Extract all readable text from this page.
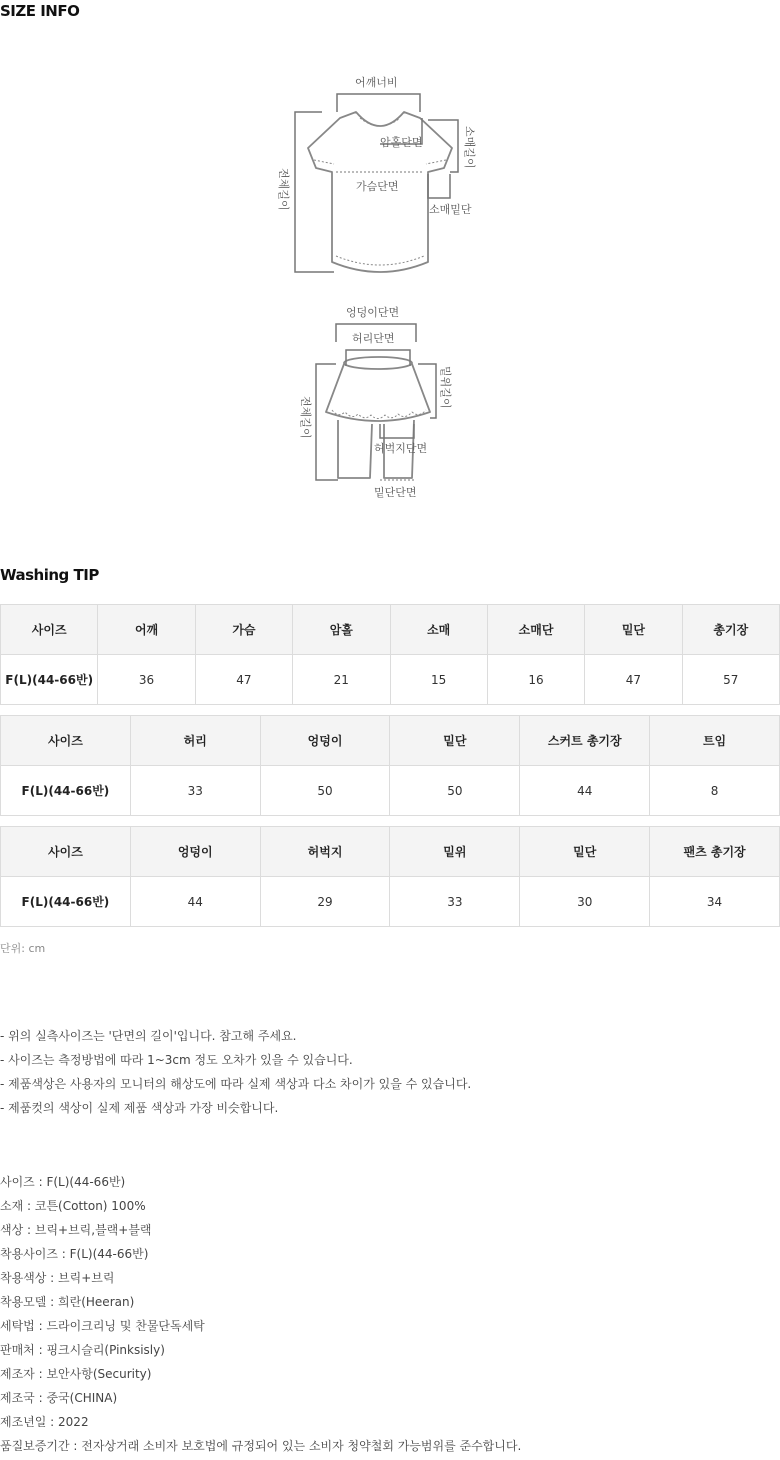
SIZE INFO
어깨너비
암홀단면
가슴단면
소매밑단
전체길이
소매길이
엉덩이단면
허리단면
허벅지단면
밑단단면
전체길이
밑위길이
Washing TIP
사이즈	어깨	가슴	암홀	소매	소매단	밑단	총기장
F(L)(44-66반)	36	47	21	15	16	47	57
사이즈	허리	엉덩이	밑단	스커트 총기장	트임
F(L)(44-66반)	33	50	50	44	8
사이즈	엉덩이	허벅지	밑위	밑단	팬츠 총기장
F(L)(44-66반)	44	29	33	30	34
단위: cm
- 위의 실측사이즈는 '단면의 길이'입니다. 참고해 주세요.
- 사이즈는 측정방법에 따라 1~3cm 정도 오차가 있을 수 있습니다.
- 제품색상은 사용자의 모니터의 해상도에 따라 실제 색상과 다소 차이가 있을 수 있습니다.
- 제품컷의 색상이 실제 제품 색상과 가장 비슷합니다.
사이즈 : F(L)(44-66반)
소재 : 코튼(Cotton) 100%
색상 : 브릭+브릭,블랙+블랙
착용사이즈 : F(L)(44-66반)
착용색상 : 브릭+브릭
착용모델 : 희란(Heeran)
세탁법 : 드라이크리닝 및 찬물단독세탁
판매처 : 핑크시슬리(Pinksisly)
제조자 : 보안사항(Security)
제조국 : 중국(CHINA)
제조년일 : 2022
품질보증기간 : 전자상거래 소비자 보호법에 규정되어 있는 소비자 청약철회 가능범위를 준수합니다.
